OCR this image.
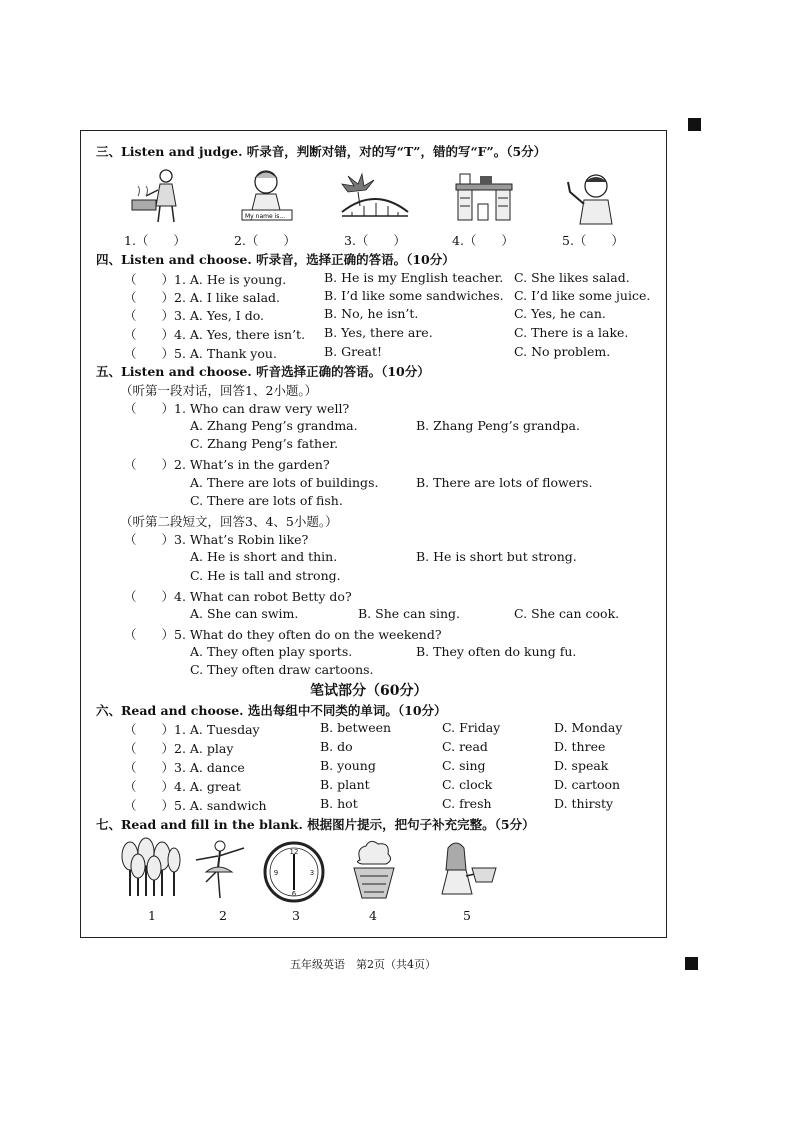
三、Listen and judge. 听录音，判断对错，对的写“T”，错的写“F”。（5分）
My name is...
1.（　　）	2.（　　）	3.（　　）	4.（　　）	5.（　　）
四、Listen and choose. 听录音，选择正确的答语。（10分）
（　　）1. A. He is young.	B. He is my English teacher. C. She likes salad.
（　　）2. A. I like salad.	B. I’d like some sandwiches. C. I’d like some juice.
（　　）3. A. Yes, I do.	B. No, he isn’t.	C. Yes, he can.
（　　）4. A. Yes, there isn’t. B. Yes, there are.	C. There is a lake.
（　　）5. A. Thank you.	B. Great!	C. No problem.
五、Listen and choose. 听音选择正确的答语。（10分）
（听第一段对话，回答1、2小题。）
（　　）1. Who can draw very well?
A. Zhang Peng’s grandma.	B. Zhang Peng’s grandpa.
C. Zhang Peng’s father.
（　　）2. What’s in the garden?
A. There are lots of buildings.	B. There are lots of flowers.
C. There are lots of fish.
（听第二段短文，回答3、4、5小题。）
（　　）3. What’s Robin like?
A. He is short and thin.	B. He is short but strong.
C. He is tall and strong.
（　　）4. What can robot Betty do?
A. She can swim.	B. She can sing.	C. She can cook.
（　　）5. What do they often do on the weekend?
A. They often play sports.	B. They often do kung fu.
C. They often draw cartoons.
笔试部分（60分）
六、Read and choose. 选出每组中不同类的单词。（10分）
（　　）1. A. Tuesday	B. between	C. Friday	D. Monday
（　　）2. A. play	B. do	C. read	D. three
（　　）3. A. dance	B. young	C. sing	D. speak
（　　）4. A. great	B. plant	C. clock	D. cartoon
（　　）5. A. sandwich	B. hot	C. fresh	D. thirsty
七、Read and fill in the blank. 根据图片提示，把句子补充完整。（5分）
12
3
6
9
1	2	3	4	5
五年级英语　第2页（共4页）
